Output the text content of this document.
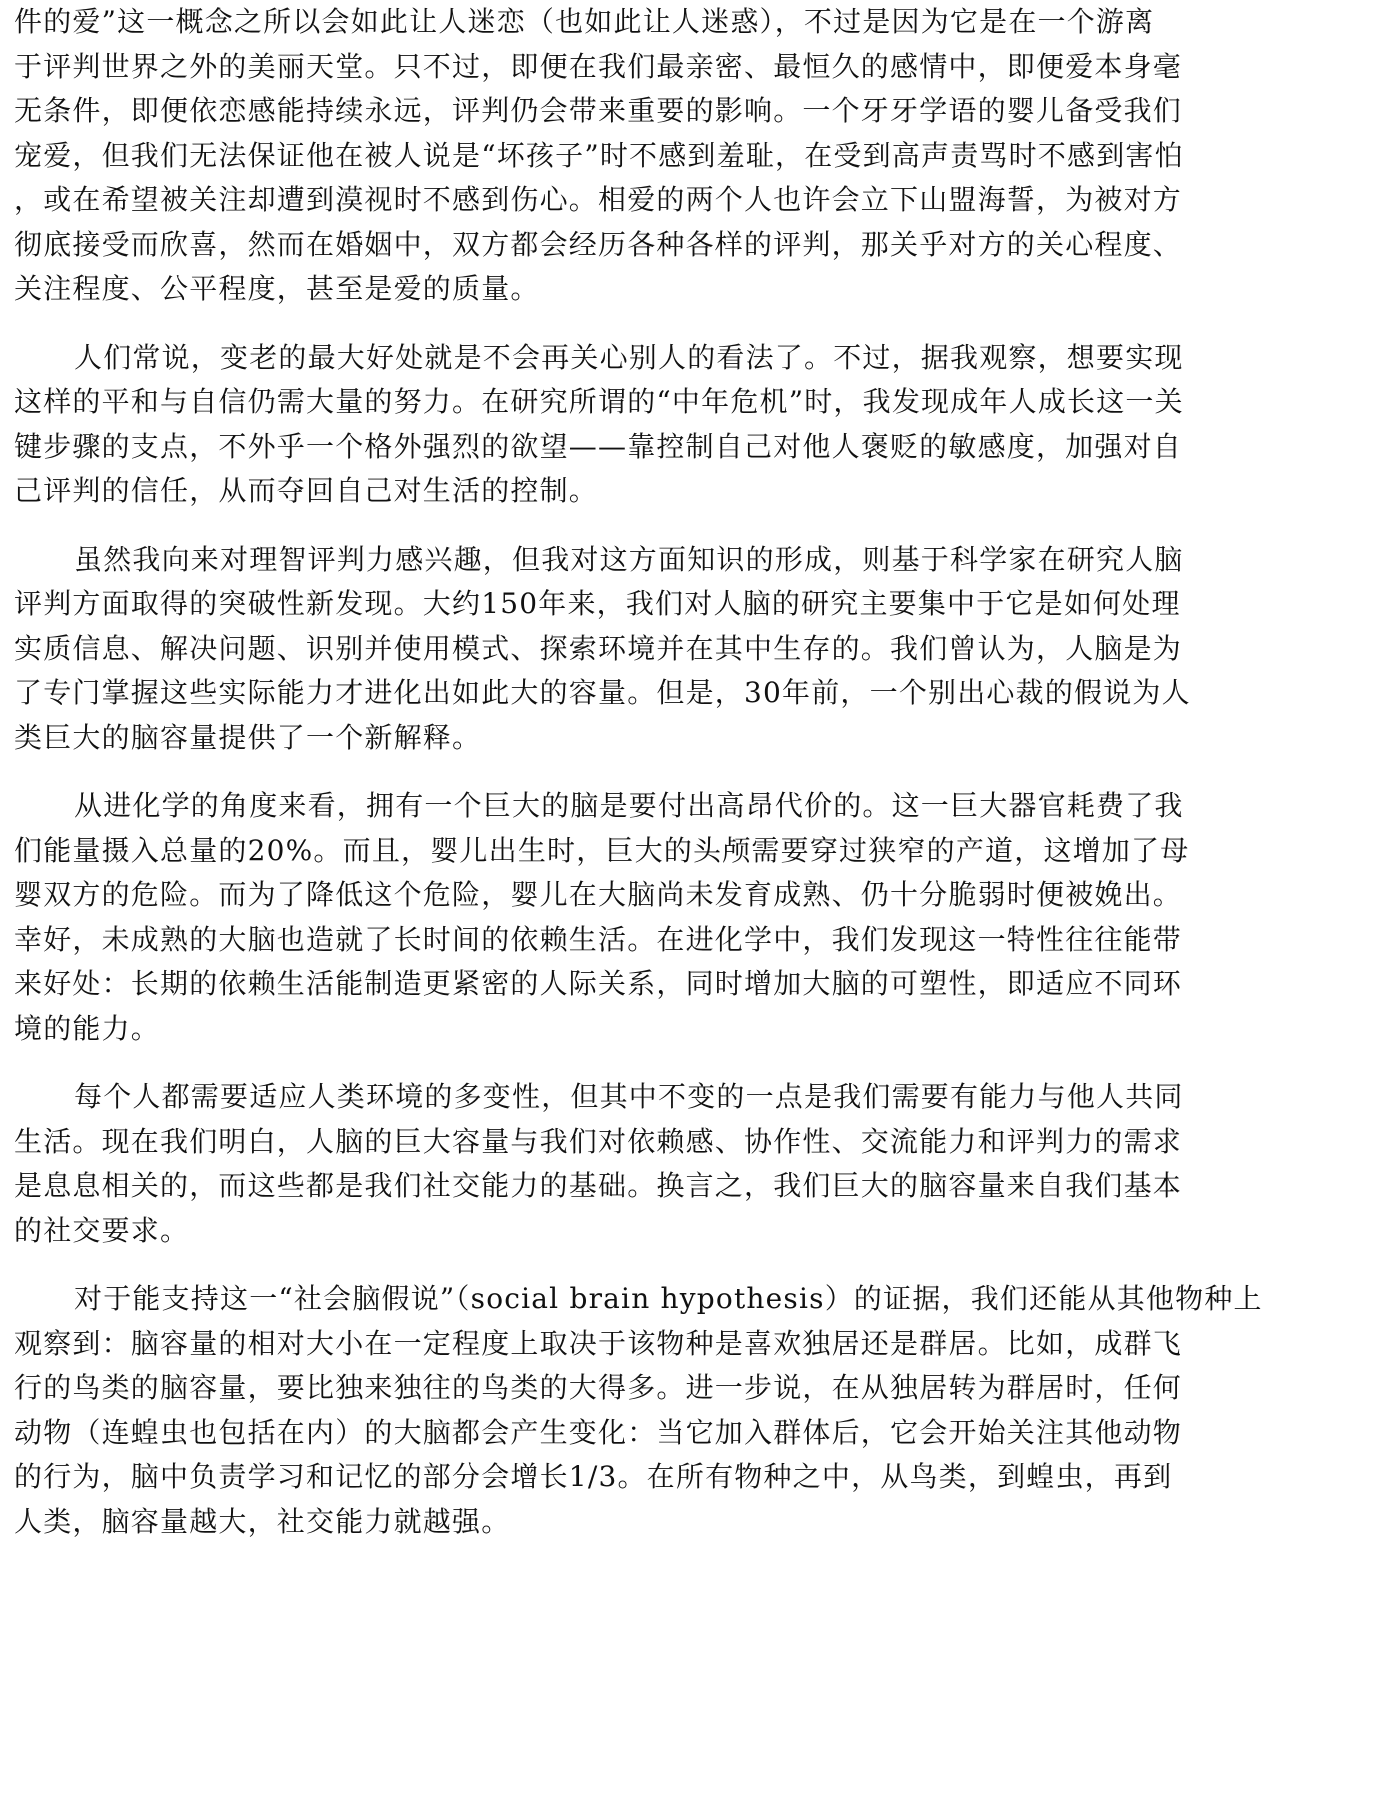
件的爱”这一概念之所以会如此让人迷恋（也如此让人迷惑），不过是因为它是在一个游离
于评判世界之外的美丽天堂。只不过，即便在我们最亲密、最恒久的感情中，即便爱本身毫
无条件，即便依恋感能持续永远，评判仍会带来重要的影响。一个牙牙学语的婴儿备受我们
宠爱，但我们无法保证他在被人说是“坏孩子”时不感到羞耻，在受到高声责骂时不感到害怕
，或在希望被关注却遭到漠视时不感到伤心。相爱的两个人也许会立下山盟海誓，为被对方
彻底接受而欣喜，然而在婚姻中，双方都会经历各种各样的评判，那关乎对方的关心程度、
关注程度、公平程度，甚至是爱的质量。

人们常说，变老的最大好处就是不会再关心别人的看法了。不过，据我观察，想要实现
这样的平和与自信仍需大量的努力。在研究所谓的“中年危机”时，我发现成年人成长这一关
键步骤的支点，不外乎一个格外强烈的欲望——靠控制自己对他人褒贬的敏感度，加强对自
己评判的信任，从而夺回自己对生活的控制。

虽然我向来对理智评判力感兴趣，但我对这方面知识的形成，则基于科学家在研究人脑
评判方面取得的突破性新发现。大约150年来，我们对人脑的研究主要集中于它是如何处理
实质信息、解决问题、识别并使用模式、探索环境并在其中生存的。我们曾认为，人脑是为
了专门掌握这些实际能力才进化出如此大的容量。但是，30年前，一个别出心裁的假说为人
类巨大的脑容量提供了一个新解释。

从进化学的角度来看，拥有一个巨大的脑是要付出高昂代价的。这一巨大器官耗费了我
们能量摄入总量的20%。而且，婴儿出生时，巨大的头颅需要穿过狭窄的产道，这增加了母
婴双方的危险。而为了降低这个危险，婴儿在大脑尚未发育成熟、仍十分脆弱时便被娩出。
幸好，未成熟的大脑也造就了长时间的依赖生活。在进化学中，我们发现这一特性往往能带
来好处：长期的依赖生活能制造更紧密的人际关系，同时增加大脑的可塑性，即适应不同环
境的能力。

每个人都需要适应人类环境的多变性，但其中不变的一点是我们需要有能力与他人共同
生活。现在我们明白，人脑的巨大容量与我们对依赖感、协作性、交流能力和评判力的需求
是息息相关的，而这些都是我们社交能力的基础。换言之，我们巨大的脑容量来自我们基本
的社交要求。

对于能支持这一“社会脑假说”（social brain hypothesis）的证据，我们还能从其他物种上
观察到：脑容量的相对大小在一定程度上取决于该物种是喜欢独居还是群居。比如，成群飞
行的鸟类的脑容量，要比独来独往的鸟类的大得多。进一步说，在从独居转为群居时，任何
动物（连蝗虫也包括在内）的大脑都会产生变化：当它加入群体后，它会开始关注其他动物
的行为，脑中负责学习和记忆的部分会增长1/3。在所有物种之中，从鸟类，到蝗虫，再到
人类，脑容量越大，社交能力就越强。
